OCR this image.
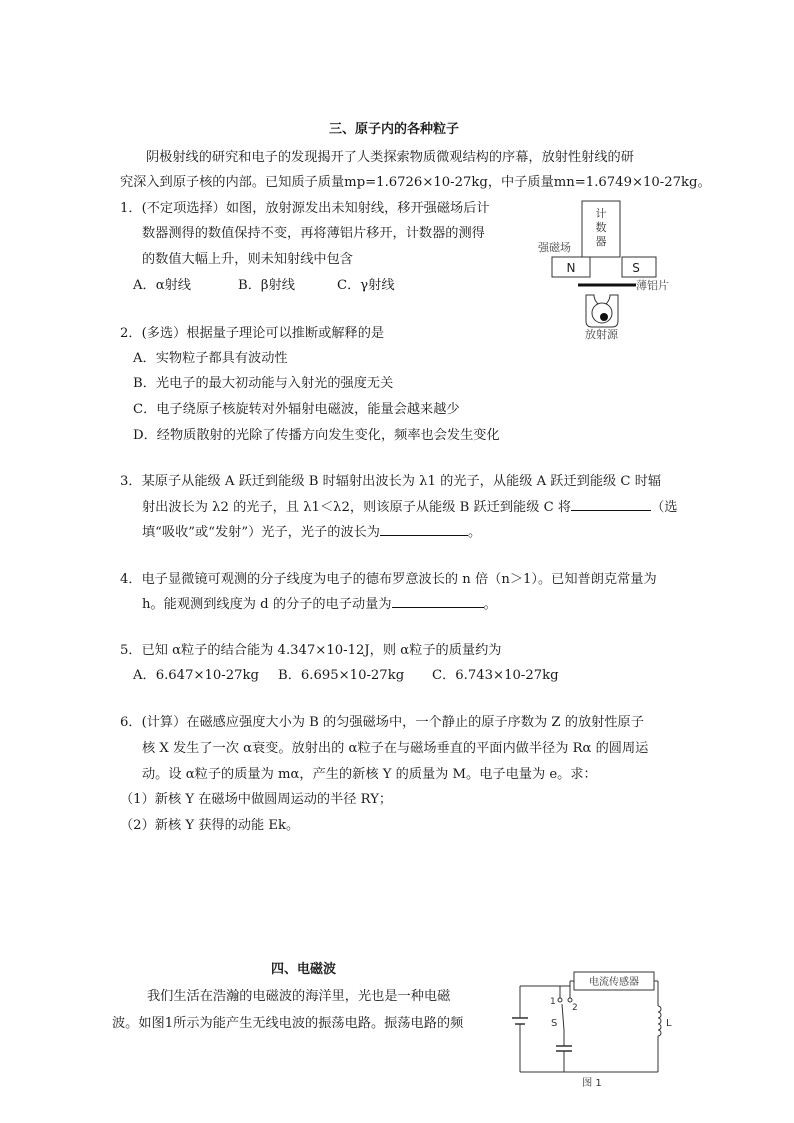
三、原子内的各种粒子
阴极射线的研究和电子的发现揭开了人类探索物质微观结构的序幕，放射性射线的研
究深入到原子核的内部。已知质子质量mp=1.6726×10-27kg，中子质量mn=1.6749×10-27kg。
1．(不定项选择）如图，放射源发出未知射线，移开强磁场后计
数器测得的数值保持不变，再将薄铝片移开，计数器的测得
的数值大幅上升，则未知射线中包含
A．α射线	B．β射线	C．γ射线
计
数
器
强磁场
N	S
薄铝片
放射源
2．(多选）根据量子理论可以推断或解释的是
A．实物粒子都具有波动性
B．光电子的最大初动能与入射光的强度无关
C．电子绕原子核旋转对外辐射电磁波，能量会越来越少
D．经物质散射的光除了传播方向发生变化，频率也会发生变化
3．某原子从能级 A 跃迁到能级 B 时辐射出波长为 λ1 的光子，从能级 A 跃迁到能级 C 时辐
射出波长为 λ2 的光子，且 λ1＜λ2，则该原子从能级 B 跃迁到能级 C 将	（选
填“吸收”或“发射”）光子，光子的波长为	。
4．电子显微镜可观测的分子线度为电子的德布罗意波长的 n 倍（n＞1）。已知普朗克常量为
h。能观测到线度为 d 的分子的电子动量为	。
5．已知 α粒子的结合能为 4.347×10-12J，则 α粒子的质量约为
A．6.647×10-27kg B．6.695×10-27kg C．6.743×10-27kg
6．(计算）在磁感应强度大小为 B 的匀强磁场中，一个静止的原子序数为 Z 的放射性原子
核 X 发生了一次 α衰变。放射出的 α粒子在与磁场垂直的平面内做半径为 Rα 的圆周运
动。设 α粒子的质量为 mα，产生的新核 Y 的质量为 M。电子电量为 e。求：
（1）新核 Y 在磁场中做圆周运动的半径 RY；
（2）新核 Y 获得的动能 Ek。
四、电磁波
我们生活在浩瀚的电磁波的海洋里，光也是一种电磁
波。如图1所示为能产生无线电波的振荡电路。振荡电路的频
电流传感器
1
2
S	L
图 1
